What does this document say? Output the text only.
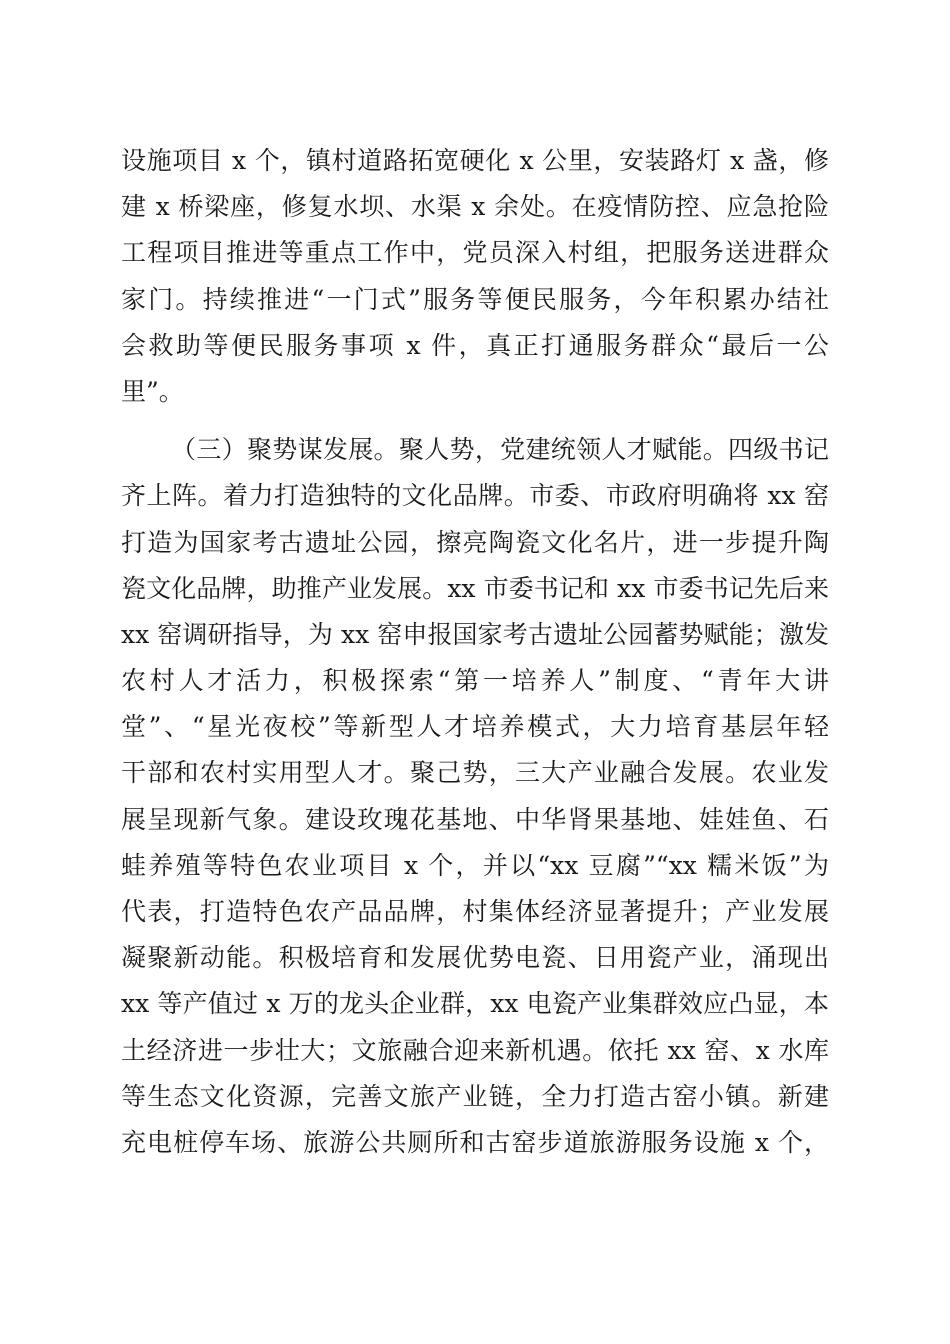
设施项目 x 个，镇村道路拓宽硬化 x 公里，安装路灯 x 盏，修
建 x 桥梁座，修复水坝、水渠 x 余处。在疫情防控、应急抢险
工程项目推进等重点工作中，党员深入村组，把服务送进群众
家门。持续推进“一门式”服务等便民服务，今年积累办结社
会救助等便民服务事项 x 件，真正打通服务群众“最后一公
里”。
（三）聚势谋发展。聚人势，党建统领人才赋能。四级书记
齐上阵。着力打造独特的文化品牌。市委、市政府明确将 xx 窑
打造为国家考古遗址公园，擦亮陶瓷文化名片，进一步提升陶
瓷文化品牌，助推产业发展。xx 市委书记和 xx 市委书记先后来
xx 窑调研指导，为 xx 窑申报国家考古遗址公园蓄势赋能；激发
农村人才活力，积极探索“第一培养人”制度、“青年大讲
堂”、“星光夜校”等新型人才培养模式，大力培育基层年轻
干部和农村实用型人才。聚己势，三大产业融合发展。农业发
展呈现新气象。建设玫瑰花基地、中华肾果基地、娃娃鱼、石
蛙养殖等特色农业项目 x 个，并以“xx 豆腐”“xx 糯米饭”为
代表，打造特色农产品品牌，村集体经济显著提升；产业发展
凝聚新动能。积极培育和发展优势电瓷、日用瓷产业，涌现出
xx 等产值过 x 万的龙头企业群，xx 电瓷产业集群效应凸显，本
土经济进一步壮大；文旅融合迎来新机遇。依托 xx 窑、x 水库
等生态文化资源，完善文旅产业链，全力打造古窑小镇。新建
充电桩停车场、旅游公共厕所和古窑步道旅游服务设施 x 个，
